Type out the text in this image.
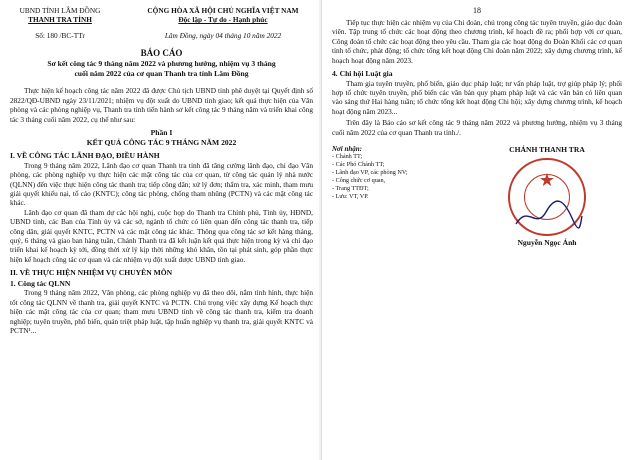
UBND TỈNH LÂM ĐỒNG
THANH TRA TỈNH
Số: 180 /BC-TTr
CỘNG HÒA XÃ HỘI CHỦ NGHĨA VIỆT NAM
Độc lập - Tự do - Hạnh phúc
Lâm Đồng, ngày 04 tháng 10 năm 2022
BÁO CÁO
Sơ kết công tác 9 tháng năm 2022 và phương hướng, nhiệm vụ 3 tháng cuối năm 2022 của cơ quan Thanh tra tỉnh Lâm Đồng
Thực hiện kế hoạch công tác năm 2022 đã được Chủ tịch UBND tỉnh phê duyệt tại Quyết định số 2822/QĐ-UBND ngày 23/11/2021; nhiệm vụ đột xuất do UBND tỉnh giao; kết quả thực hiện của Văn phòng và các phòng nghiệp vụ, Thanh tra tỉnh tiến hành sơ kết công tác 9 tháng năm và triển khai công tác 3 tháng cuối năm 2022, cụ thể như sau:
Phần I
KẾT QUẢ CÔNG TÁC 9 THÁNG NĂM 2022
I. VỀ CÔNG TÁC LÃNH ĐẠO, ĐIỀU HÀNH
Trong 9 tháng năm 2022, Lãnh đạo cơ quan Thanh tra tỉnh đã tăng cường lãnh đạo, chỉ đạo Văn phòng, các phòng nghiệp vụ thực hiện các mặt công tác của cơ quan, từ công tác quản lý nhà nước (QLNN) đến việc thực hiện công tác thanh tra; tiếp công dân; xử lý đơn; thẩm tra, xác minh, tham mưu giải quyết khiếu nại, tố cáo (KNTC); công tác phòng, chống tham nhũng (PCTN) và các mặt công tác khác.
Lãnh đạo cơ quan đã tham dự các hội nghị, cuộc họp do Thanh tra Chính phủ, Tỉnh ủy, HĐND, UBND tỉnh, các Ban của Tỉnh ủy và các sở, ngành tổ chức có liên quan đến công tác thanh tra, tiếp công dân, giải quyết KNTC, PCTN và các mặt công tác khác. Thông qua công tác sơ kết hàng tháng, quý, 6 tháng và giao ban hàng tuần, Chánh Thanh tra đã kết luận kết quả thực hiện trong kỳ và chỉ đạo triển khai kế hoạch kỳ tới, đồng thời xử lý kịp thời những khó khăn, tồn tại phát sinh, góp phần thực hiện kế hoạch công tác cơ quan và các nhiệm vụ đột xuất được UBND tỉnh giao.
II. VỀ THỰC HIỆN NHIỆM VỤ CHUYÊN MÔN
1. Công tác QLNN
Trong 9 tháng năm 2022, Văn phòng, các phòng nghiệp vụ đã theo dõi, nắm tình hình, thực hiện tốt công tác QLNN về thanh tra, giải quyết KNTC và PCTN. Chủ trọng việc xây dựng Kế hoạch thực hiện các mặt công tác của cơ quan; tham mưu UBND tỉnh về công tác thanh tra, kiểm tra doanh nghiệp; tuyên truyền, phổ biến, quán triệt pháp luật, tập huấn nghiệp vụ thanh tra, giải quyết KNTC và PCTN¹...
18
Tiếp tục thực hiện các nhiệm vụ của Chi đoàn, chú trọng công tác tuyên truyền, giáo dục đoàn viên. Tập trung tổ chức các hoạt động theo chương trình, kế hoạch đề ra; phối hợp với cơ quan, Công đoàn tổ chức các hoạt động theo yêu cầu. Tham gia các hoạt động do Đoàn Khối các cơ quan tỉnh tổ chức, phát động; tổ chức tổng kết hoạt động Chi đoàn năm 2022; xây dựng chương trình, kế hoạch hoạt động năm 2023.
4. Chi hội Luật gia
Tham gia tuyên truyền, phổ biến, giáo dục pháp luật; tư vấn pháp luật, trợ giúp pháp lý; phối hợp tổ chức tuyên truyền, phổ biến các văn bản quy phạm pháp luật và các văn bản có liên quan vào sáng thứ Hai hàng tuần; tổ chức tổng kết hoạt động Chi hội; xây dựng chương trình, kế hoạch hoạt động năm 2023...
Trên đây là Báo cáo sơ kết công tác 9 tháng năm 2022 và phương hướng, nhiệm vụ 3 tháng cuối năm 2022 của cơ quan Thanh tra tỉnh./.
Nơi nhận:
- Chánh TT;
- Các Phó Chánh TT;
- Lãnh đạo VP, các phòng NV;
- Công chức cơ quan,
- Trang TTĐT;
- Lưu: VT, VP.
CHÁNH THANH TRA
★
Nguyễn Ngọc Ánh
